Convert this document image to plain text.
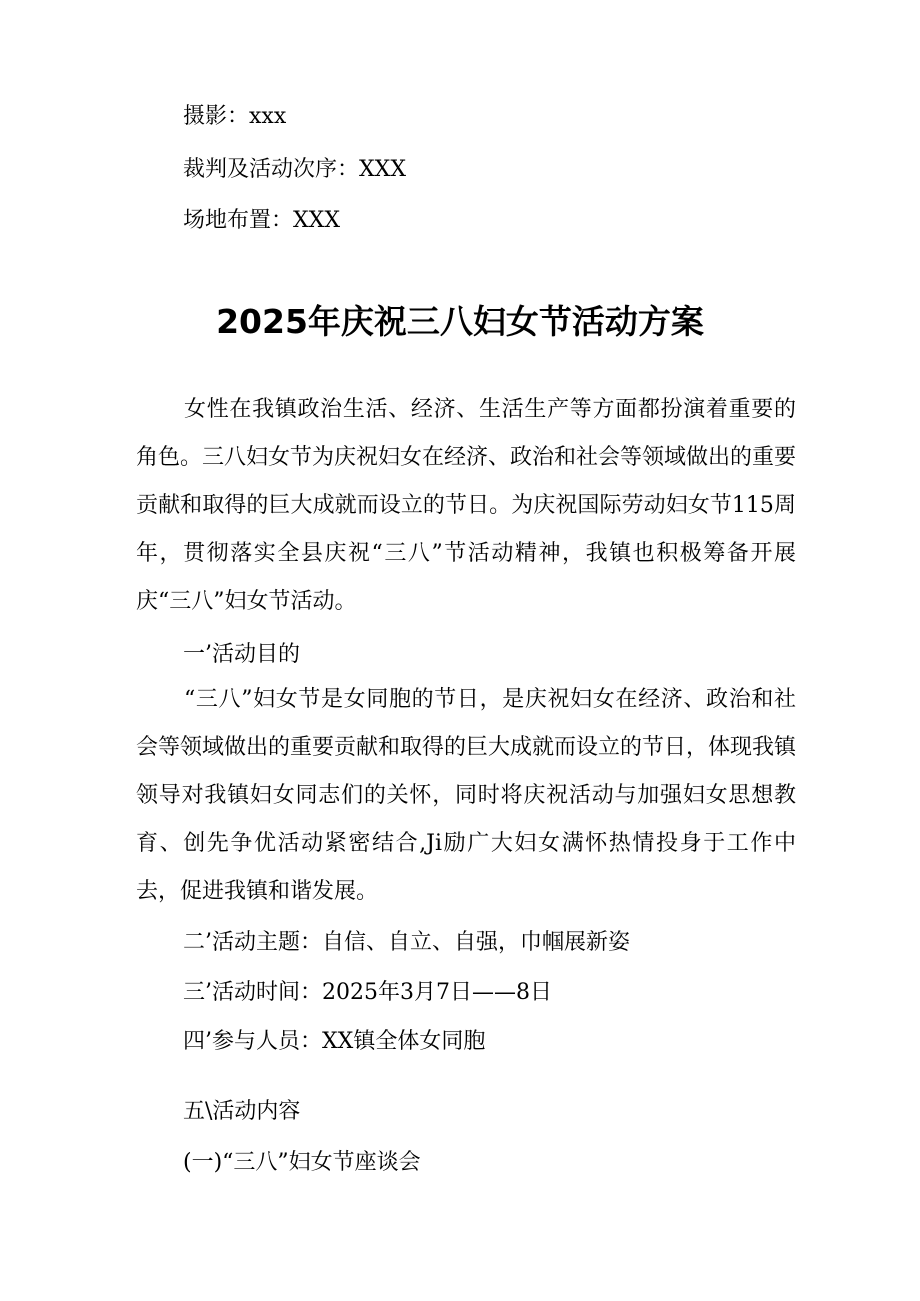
摄影：xxx

裁判及活动次序：XXX

场地布置：XXX

2025年庆祝三八妇女节活动方案

女性在我镇政治生活、经济、生活生产等方面都扮演着重要的角色。三八妇女节为庆祝妇女在经济、政治和社会等领域做出的重要贡献和取得的巨大成就而设立的节日。为庆祝国际劳动妇女节115周年，贯彻落实全县庆祝“三八”节活动精神，我镇也积极筹备开展庆“三八”妇女节活动。

一’活动目的

“三八”妇女节是女同胞的节日，是庆祝妇女在经济、政治和社会等领域做出的重要贡献和取得的巨大成就而设立的节日，体现我镇领导对我镇妇女同志们的关怀，同时将庆祝活动与加强妇女思想教育、创先争优活动紧密结合,Ji励广大妇女满怀热情投身于工作中去，促进我镇和谐发展。

二’活动主题：自信、自立、自强，巾帼展新姿

三’活动时间：2025年3月7日——8日

四’参与人员：XX镇全体女同胞

五\活动内容

(一)“三八”妇女节座谈会
